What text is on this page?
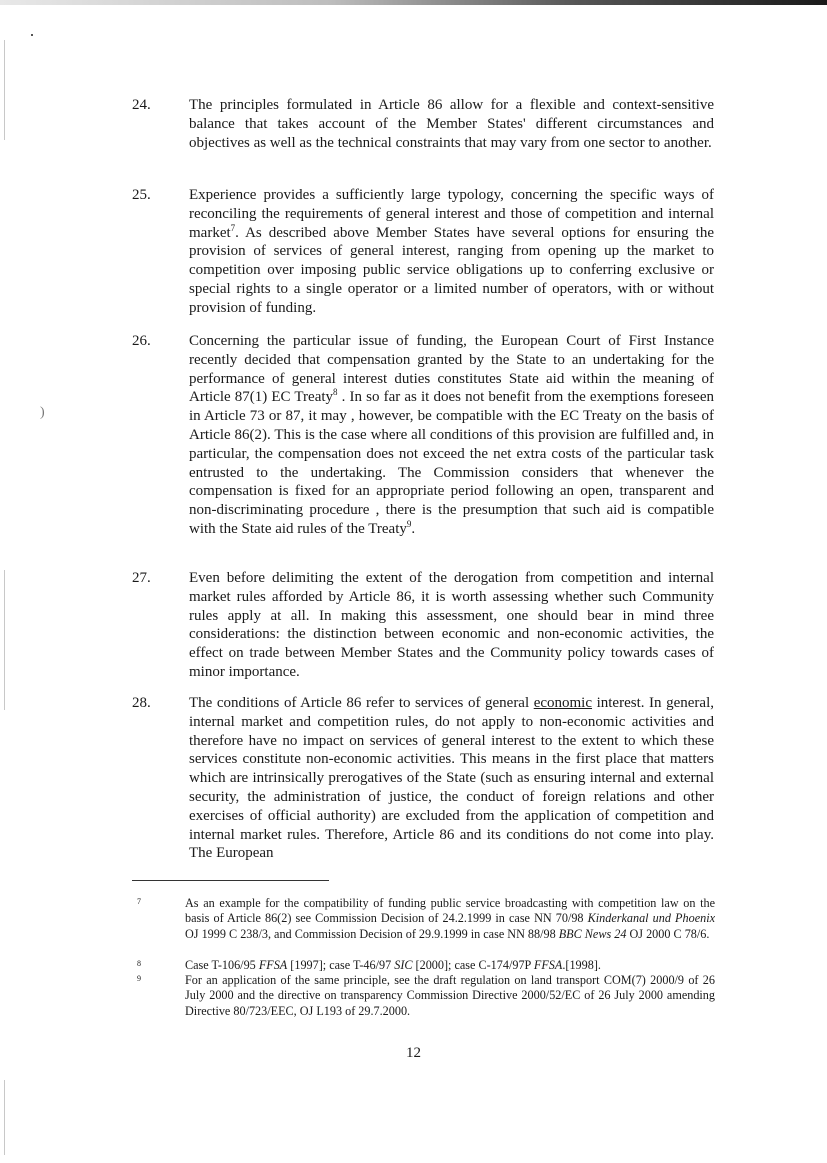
)
24.	The principles formulated in Article 86 allow for a flexible and context-sensitive balance that takes account of the Member States' different circumstances and objectives as well as the technical constraints that may vary from one sector to another.
25.	Experience provides a sufficiently large typology, concerning the specific ways of reconciling the requirements of general interest and those of competition and internal market$^7$. As described above Member States have several options for ensuring the provision of services of general interest, ranging from opening up the market to competition over imposing public service obligations up to conferring exclusive or special rights to a single operator or a limited number of operators, with or without provision of funding.
26.	Concerning the particular issue of funding, the European Court of First Instance recently decided that compensation granted by the State to an undertaking for the performance of general interest duties constitutes State aid within the meaning of Article 87(1) EC Treaty$^8$ . In so far as it does not benefit from the exemptions foreseen in Article 73 or 87, it may , however, be compatible with the EC Treaty on the basis of Article 86(2). This is the case where all conditions of this provision are fulfilled and, in particular, the compensation does not exceed the net extra costs of the particular task entrusted to the undertaking. The Commission considers that whenever the compensation is fixed for an appropriate period following an open, transparent and non-discriminating procedure , there is the presumption that such aid is compatible with the State aid rules of the Treaty$^9$.
27.	Even before delimiting the extent of the derogation from competition and internal market rules afforded by Article 86, it is worth assessing whether such Community rules apply at all. In making this assessment, one should bear in mind three considerations: the distinction between economic and non-economic activities, the effect on trade between Member States and the Community policy towards cases of minor importance.
28.	The conditions of Article 86 refer to services of general economic interest. In general, internal market and competition rules, do not apply to non-economic activities and therefore have no impact on services of general interest to the extent to which these services constitute non-economic activities. This means in the first place that matters which are intrinsically prerogatives of the State (such as ensuring internal and external security, the administration of justice, the conduct of foreign relations and other exercises of official authority) are excluded from the application of competition and internal market rules. Therefore, Article 86 and its conditions do not come into play. The European
7	As an example for the compatibility of funding public service broadcasting with competition law on the basis of Article 86(2) see Commission Decision of 24.2.1999 in case NN 70/98 Kinderkanal und Phoenix OJ 1999 C 238/3, and Commission Decision of 29.9.1999 in case NN 88/98 BBC News 24 OJ 2000 C 78/6.
8	Case T-106/95 FFSA [1997]; case T-46/97 SIC [2000]; case C-174/97P FFSA.[1998].
9	For an application of the same principle, see the draft regulation on land transport COM(7) 2000/9 of 26 July 2000 and the directive on transparency Commission Directive 2000/52/EC of 26 July 2000 amending Directive 80/723/EEC, OJ L193 of 29.7.2000.
12
